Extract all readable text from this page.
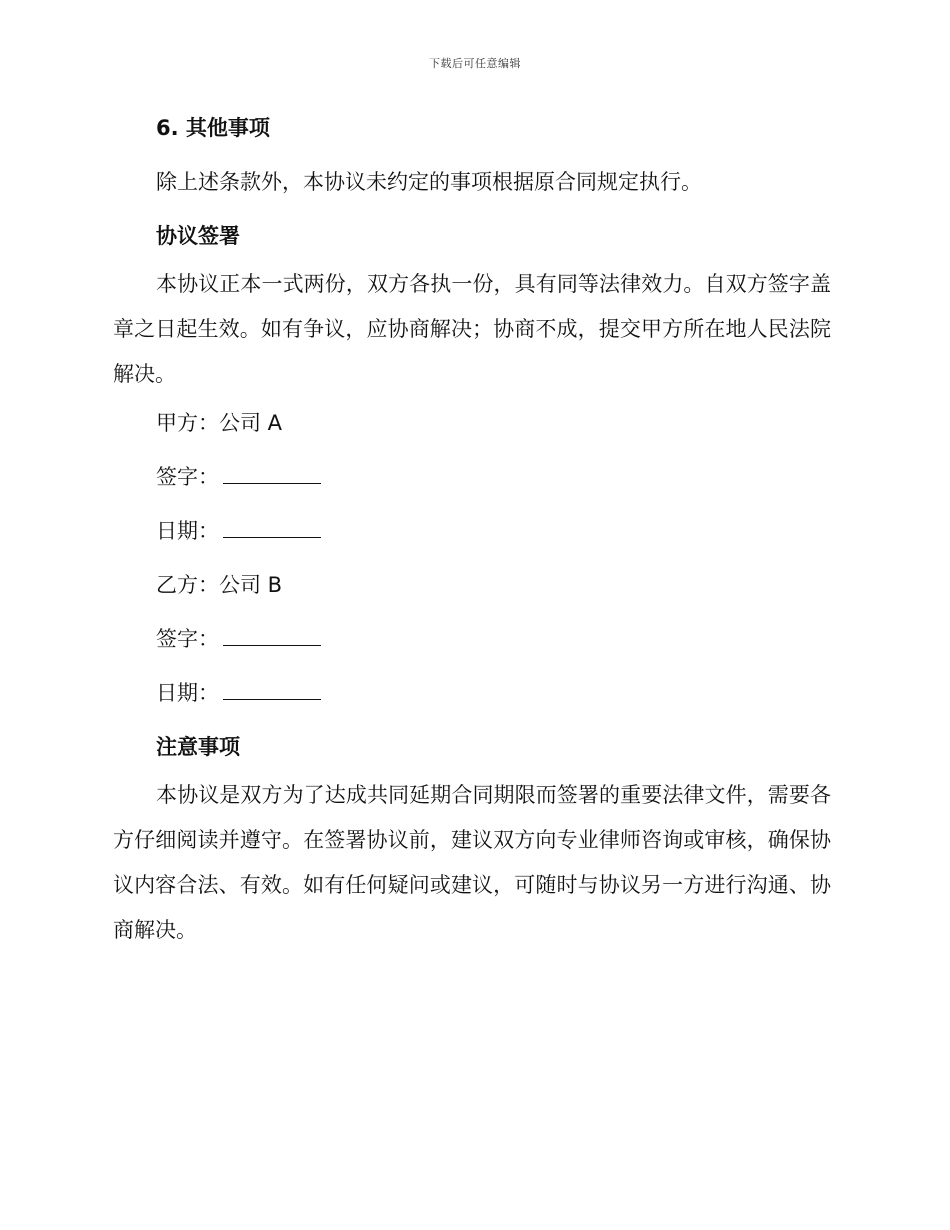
下载后可任意编辑
6. 其他事项

除上述条款外，本协议未约定的事项根据原合同规定执行。

协议签署

本协议正本一式两份，双方各执一份，具有同等法律效力。自双方签字盖章之日起生效。如有争议，应协商解决；协商不成，提交甲方所在地人民法院解决。

甲方：公司 A
签字：
日期：
乙方：公司 B
签字：
日期：
注意事项

本协议是双方为了达成共同延期合同期限而签署的重要法律文件，需要各方仔细阅读并遵守。在签署协议前，建议双方向专业律师咨询或审核，确保协议内容合法、有效。如有任何疑问或建议，可随时与协议另一方进行沟通、协商解决。
